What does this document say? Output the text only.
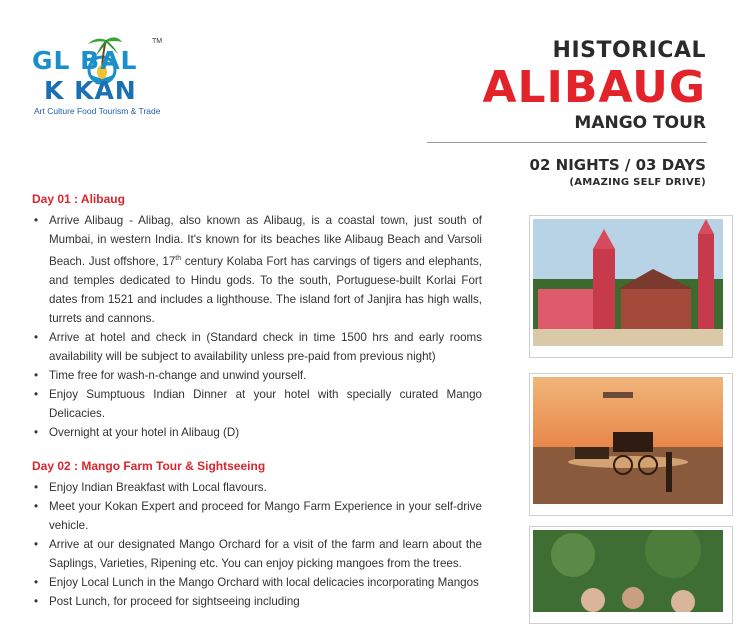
GL BAL
K KAN
TM
Art Culture Food Tourism & Trade
HISTORICAL
ALIBAUG
MANGO TOUR
02 NIGHTS / 03 DAYS
(AMAZING SELF DRIVE)
Day 01 : Alibaug
• Arrive Alibaug - Alibag, also known as Alibaug, is a coastal town, just south of Mumbai, in western India. It's known for its beaches like Alibaug Beach and Varsoli Beach. Just offshore, 17th century Kolaba Fort has carvings of tigers and elephants, and temples dedicated to Hindu gods. To the south, Portuguese-built Korlai Fort dates from 1521 and includes a lighthouse. The island fort of Janjira has high walls, turrets and cannons.
• Arrive at hotel and check in (Standard check in time 1500 hrs and early rooms availability will be subject to availability unless pre-paid from previous night)
• Time free for wash-n-change and unwind yourself.
• Enjoy Sumptuous Indian Dinner at your hotel with specially curated Mango Delicacies.
• Overnight at your hotel in Alibaug (D)
Day 02 : Mango Farm Tour & Sightseeing
• Enjoy Indian Breakfast with Local flavours.
• Meet your Kokan Expert and proceed for Mango Farm Experience in your self-drive vehicle.
• Arrive at our designated Mango Orchard for a visit of the farm and learn about the Saplings, Varieties, Ripening etc. You can enjoy picking mangoes from the trees.
• Enjoy Local Lunch in the Mango Orchard with local delicacies incorporating Mangos
• Post Lunch, for proceed for sightseeing including
